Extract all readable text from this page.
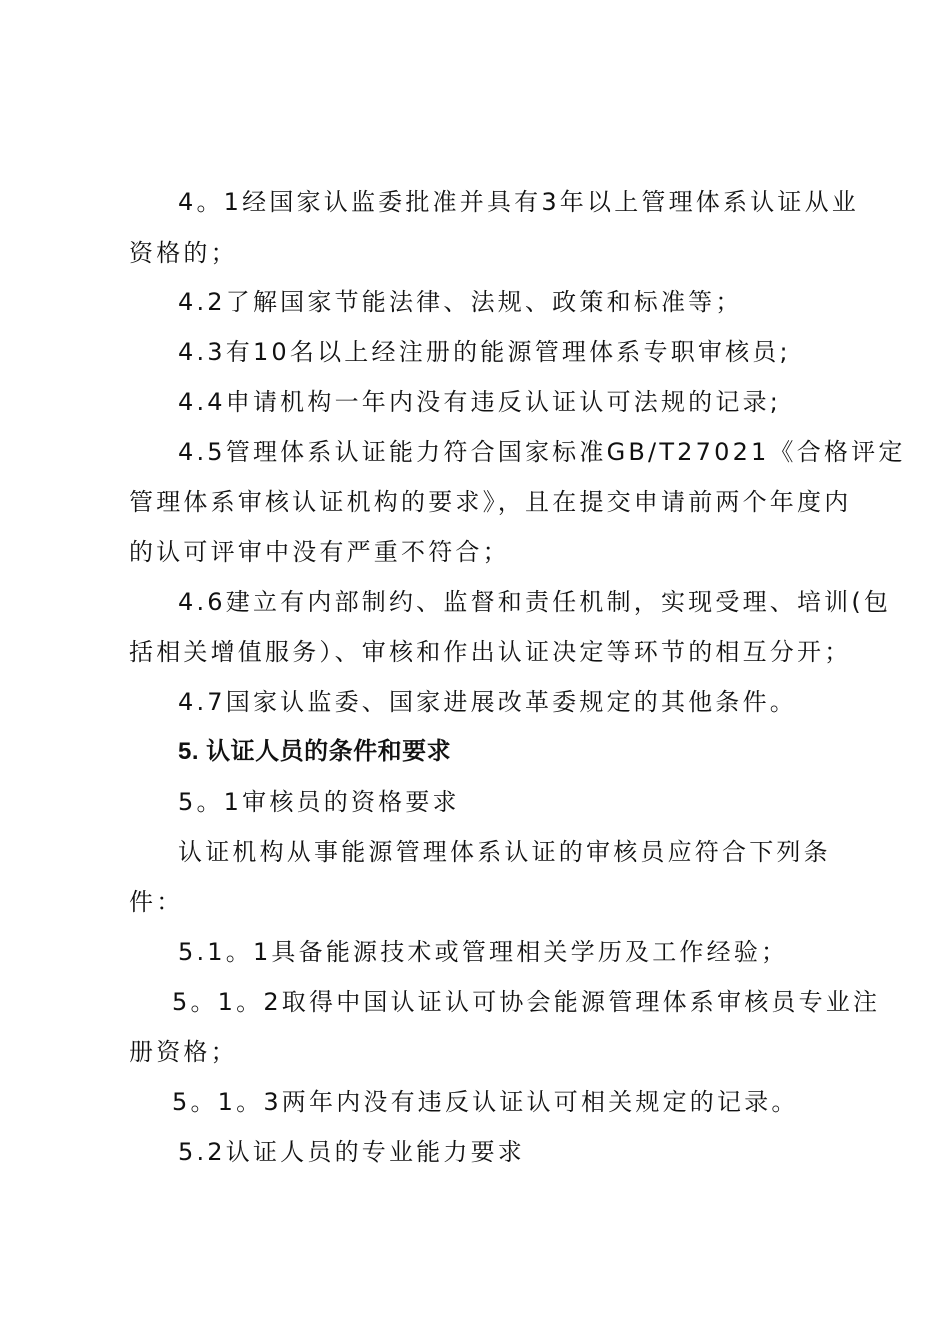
4。1经国家认监委批准并具有3年以上管理体系认证从业
资格的；
4.2了解国家节能法律、法规、政策和标准等；
4.3有10名以上经注册的能源管理体系专职审核员;
4.4申请机构一年内没有违反认证认可法规的记录;
4.5管理体系认证能力符合国家标准GB/T27021《合格评定
管理体系审核认证机构的要求》，且在提交申请前两个年度内
的认可评审中没有严重不符合；
4.6建立有内部制约、监督和责任机制，实现受理、培训(包
括相关增值服务）、审核和作出认证决定等环节的相互分开；
4.7国家认监委、国家进展改革委规定的其他条件。
5. 认证人员的条件和要求
5。1审核员的资格要求
认证机构从事能源管理体系认证的审核员应符合下列条
件：
5.1。1具备能源技术或管理相关学历及工作经验；
5。1。2取得中国认证认可协会能源管理体系审核员专业注
册资格；
5。1。3两年内没有违反认证认可相关规定的记录。
5.2认证人员的专业能力要求
